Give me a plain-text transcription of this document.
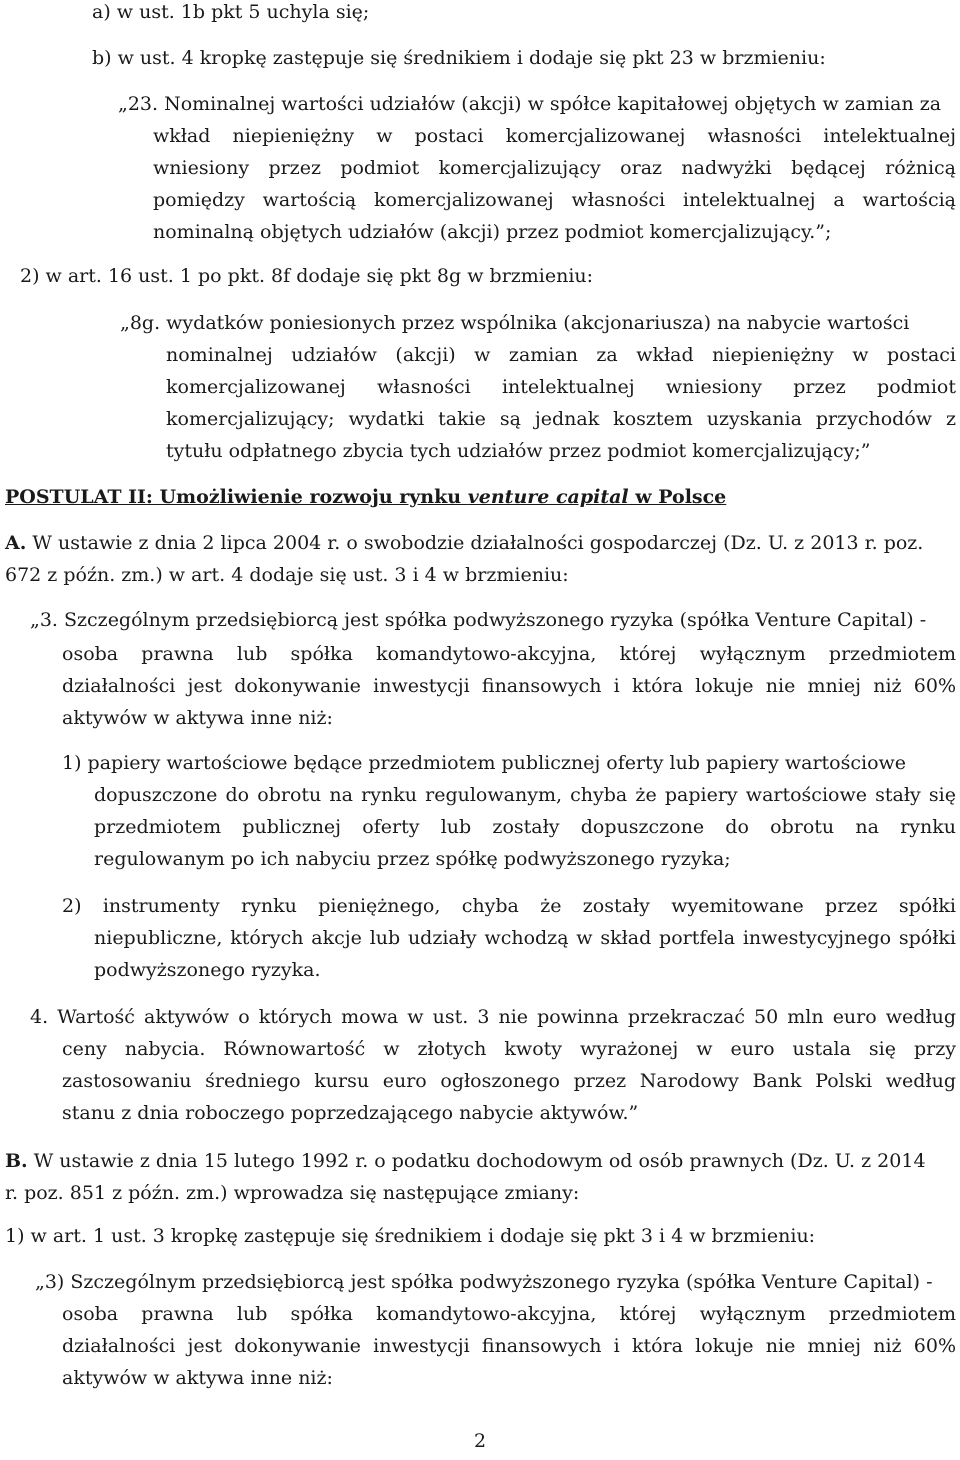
a) w ust. 1b pkt 5 uchyla się;
b) w ust. 4 kropkę zastępuje się średnikiem i dodaje się pkt 23 w brzmieniu:
„23. Nominalnej wartości udziałów (akcji) w spółce kapitałowej objętych w zamian za
wkład niepieniężny w postaci komercjalizowanej własności intelektualnej
wniesiony przez podmiot komercjalizujący oraz nadwyżki będącej różnicą
pomiędzy wartością komercjalizowanej własności intelektualnej a wartością
nominalną objętych udziałów (akcji) przez podmiot komercjalizujący.”;
2) w art. 16 ust. 1 po pkt. 8f dodaje się pkt 8g w brzmieniu:
„8g. wydatków poniesionych przez wspólnika (akcjonariusza) na nabycie wartości
nominalnej udziałów (akcji) w zamian za wkład niepieniężny w postaci
komercjalizowanej własności intelektualnej wniesiony przez podmiot
komercjalizujący; wydatki takie są jednak kosztem uzyskania przychodów z
tytułu odpłatnego zbycia tych udziałów przez podmiot komercjalizujący;”
POSTULAT II: Umożliwienie rozwoju rynku venture capital w Polsce
A. W ustawie z dnia 2 lipca 2004 r. o swobodzie działalności gospodarczej (Dz. U. z 2013 r. poz.
672 z późn. zm.) w art. 4 dodaje się ust. 3 i 4 w brzmieniu:
„3. Szczególnym przedsiębiorcą jest spółka podwyższonego ryzyka (spółka Venture Capital) -
osoba prawna lub spółka komandytowo-akcyjna, której wyłącznym przedmiotem
działalności jest dokonywanie inwestycji finansowych i która lokuje nie mniej niż 60%
aktywów w aktywa inne niż:
1) papiery wartościowe będące przedmiotem publicznej oferty lub papiery wartościowe
dopuszczone do obrotu na rynku regulowanym, chyba że papiery wartościowe stały się
przedmiotem publicznej oferty lub zostały dopuszczone do obrotu na rynku
regulowanym po ich nabyciu przez spółkę podwyższonego ryzyka;
2) instrumenty rynku pieniężnego, chyba że zostały wyemitowane przez spółki
niepubliczne, których akcje lub udziały wchodzą w skład portfela inwestycyjnego spółki
podwyższonego ryzyka.
4. Wartość aktywów o których mowa w ust. 3 nie powinna przekraczać 50 mln euro według
ceny nabycia. Równowartość w złotych kwoty wyrażonej w euro ustala się przy
zastosowaniu średniego kursu euro ogłoszonego przez Narodowy Bank Polski według
stanu z dnia roboczego poprzedzającego nabycie aktywów.”
B. W ustawie z dnia 15 lutego 1992 r. o podatku dochodowym od osób prawnych (Dz. U. z 2014
r. poz. 851 z późn. zm.) wprowadza się następujące zmiany:
1) w art. 1 ust. 3 kropkę zastępuje się średnikiem i dodaje się pkt 3 i 4 w brzmieniu:
„3) Szczególnym przedsiębiorcą jest spółka podwyższonego ryzyka (spółka Venture Capital) -
osoba prawna lub spółka komandytowo-akcyjna, której wyłącznym przedmiotem
działalności jest dokonywanie inwestycji finansowych i która lokuje nie mniej niż 60%
aktywów w aktywa inne niż:
2
